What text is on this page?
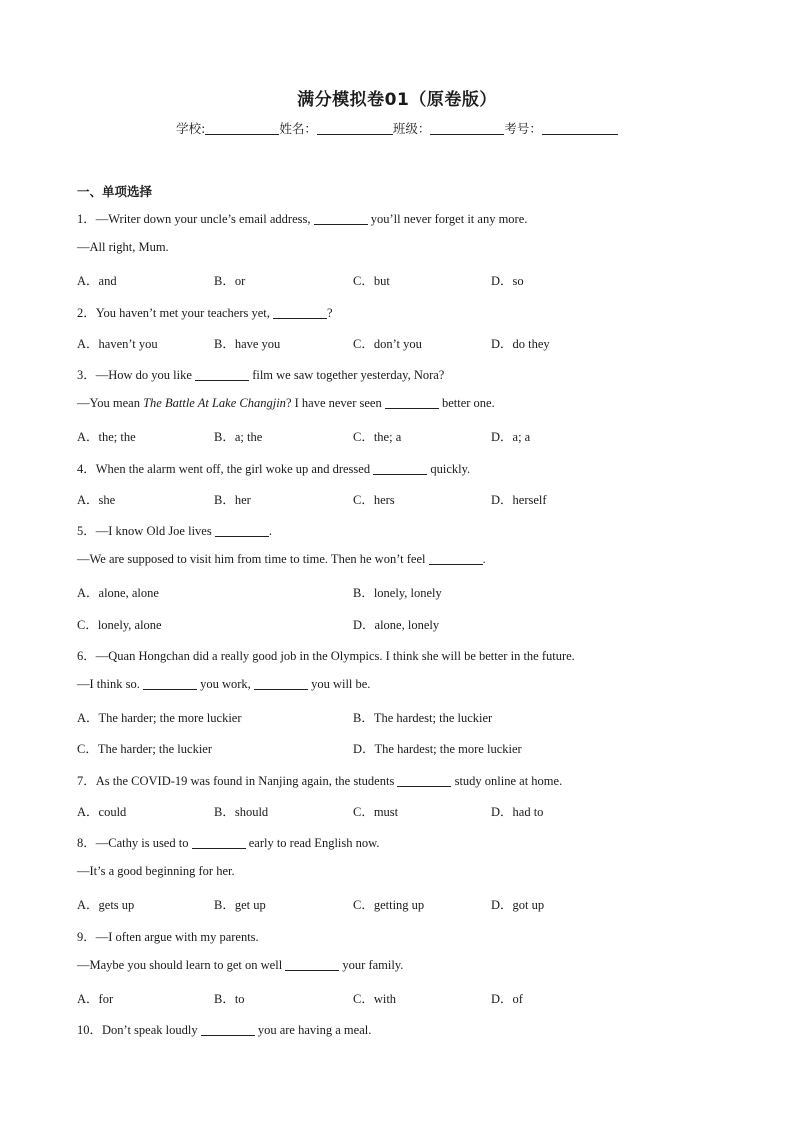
满分模拟卷01（原卷版）
学校:	姓名：	班级：	考号：
一、单项选择
1．—Writer down your uncle’s email address,	you’ll never forget it any more.
—All right, Mum.
A．and	B．or	C．but	D．so
2．You haven’t met your teachers yet,	?
A．haven’t you	B．have you	C．don’t you	D．do they
3．—How do you like	film we saw together yesterday, Nora?
—You mean The Battle At Lake Changjin? I have never seen	better one.
A．the; the	B．a; the	C．the; a	D．a; a
4．When the alarm went off, the girl woke up and dressed	quickly.
A．she	B．her	C．hers	D．herself
5．—I know Old Joe lives	.
—We are supposed to visit him from time to time. Then he won’t feel	.
A．alone, alone	B．lonely, lonely
C．lonely, alone	D．alone, lonely
6．—Quan Hongchan did a really good job in the Olympics. I think she will be better in the future.
—I think so.	you work,	you will be.
A．The harder; the more luckier	B．The hardest; the luckier
C．The harder; the luckier	D．The hardest; the more luckier
7．As the COVID-19 was found in Nanjing again, the students	study online at home.
A．could	B．should	C．must	D．had to
8．—Cathy is used to	early to read English now.
—It’s a good beginning for her.
A．gets up	B．get up	C．getting up	D．got up
9．—I often argue with my parents.
—Maybe you should learn to get on well	your family.
A．for	B．to	C．with	D．of
10．Don’t speak loudly	you are having a meal.
